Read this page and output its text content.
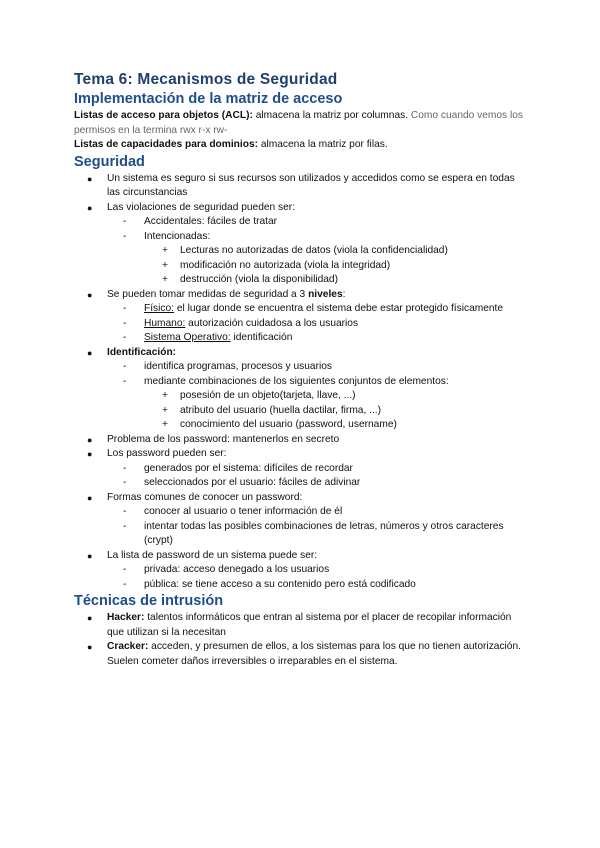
Tema 6: Mecanismos de Seguridad
Implementación de la matriz de acceso

Listas de acceso para objetos (ACL): almacena la matriz por columnas. Como cuando vemos los permisos en la termina rwx r-x rw-

Listas de capacidades para dominios: almacena la matriz por filas.

Seguridad
● Un sistema es seguro si sus recursos son utilizados y accedidos como se espera en todas las circunstancias
● Las violaciones de seguridad pueden ser:
- Accidentales: fáciles de tratar
- Intencionadas:
+ Lecturas no autorizadas de datos (viola la confidencialidad)
+ modificación no autorizada (viola la integridad)
+ destrucción (viola la disponibilidad)
● Se pueden tomar medidas de seguridad a 3 niveles:
- Físico: el lugar donde se encuentra el sistema debe estar protegido físicamente
- Humano: autorización cuidadosa a los usuarios
- Sistema Operativo: identificación
● Identificación:
- identifica programas, procesos y usuarios
- mediante combinaciones de los siguientes conjuntos de elementos:
+ posesión de un objeto(tarjeta, llave, ...)
+ atributo del usuario (huella dactilar, firma, ...)
+ conocimiento del usuario (password, username)
● Problema de los password: mantenerlos en secreto
● Los password pueden ser:
- generados por el sistema: difíciles de recordar
- seleccionados por el usuario: fáciles de adivinar
● Formas comunes de conocer un password:
- conocer al usuario o tener información de él
- intentar todas las posibles combinaciones de letras, números y otros caracteres (crypt)
● La lista de password de un sistema puede ser:
- privada: acceso denegado a los usuarios
- pública: se tiene acceso a su contenido pero está codificado
Técnicas de intrusión
● Hacker: talentos informáticos que entran al sistema por el placer de recopilar información que utilizan si la necesitan
● Cracker: acceden, y presumen de ellos, a los sistemas para los que no tienen autorización. Suelen cometer daños irreversibles o irreparables en el sistema.
